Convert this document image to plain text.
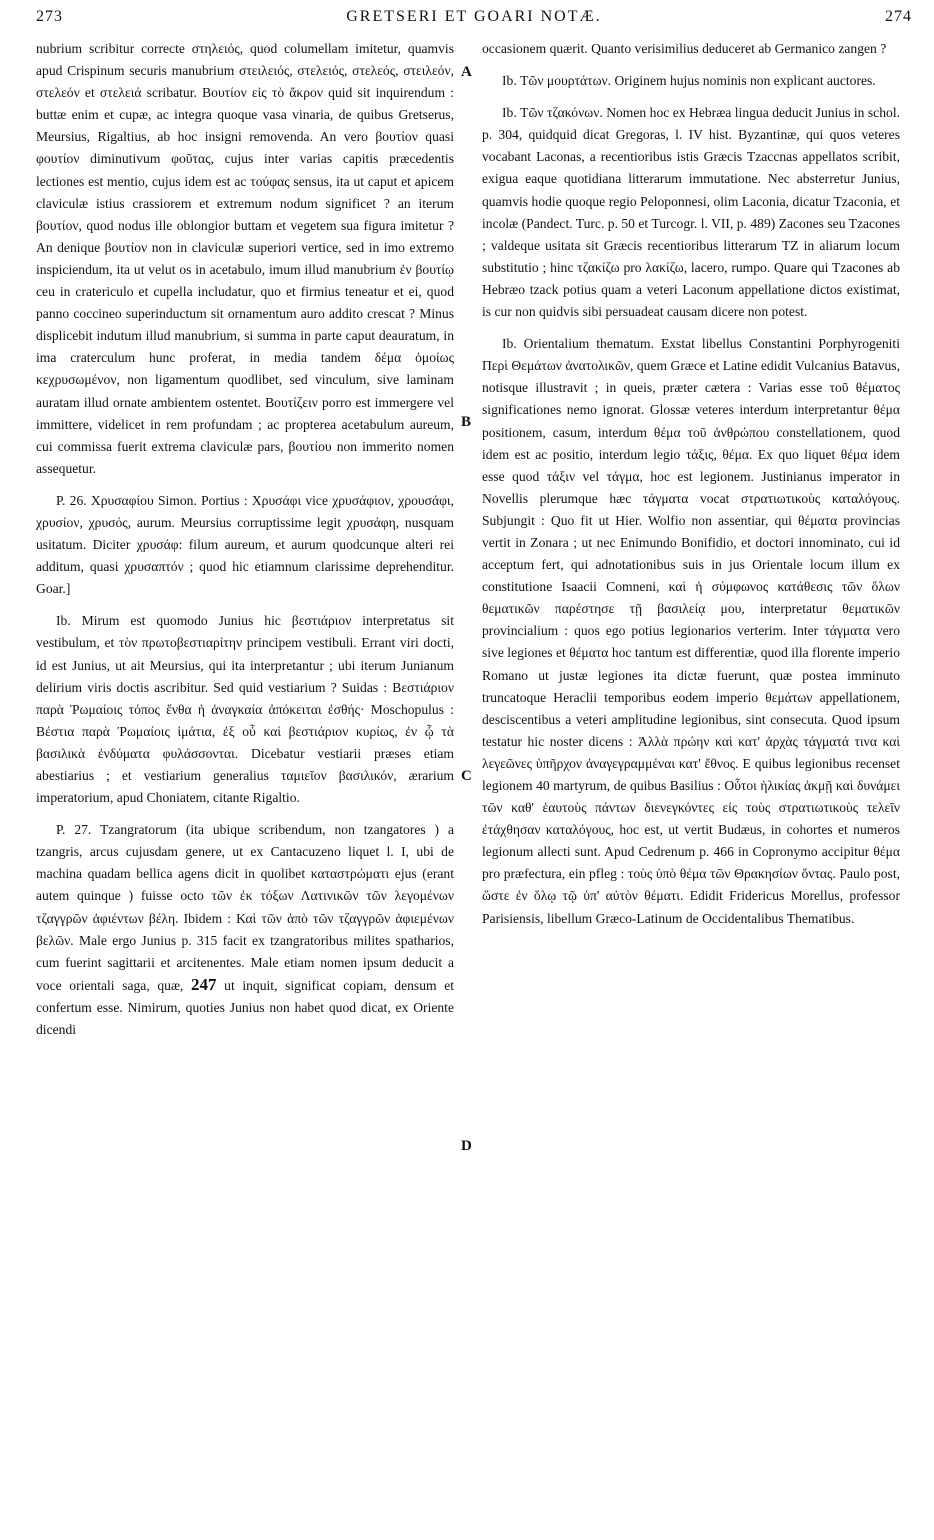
273	GRETSERI ET GOARI NOTÆ.	274
A
B
C
D

nubrium scribitur correcte στηλειός, quod columellam imitetur, quamvis apud Crispinum securis manubrium στειλειός, στελειός, στελεός, στειλεόν, στελεόν et στελειά scribatur. Βουτίον εἰς τὸ ἄκρον quid sit inquirendum : buttæ enim et cupæ, ac integra quoque vasa vinaria, de quibus Gretserus, Meursius, Rigaltius, ab hoc insigni removenda. An vero βουτίον quasi φουτίον diminutivum φοῦτας, cujus inter varias capitis præcedentis lectiones est mentio, cujus idem est ac τούφας sensus, ita ut caput et apicem claviculæ istius crassiorem et extremum nodum significet ? an iterum βουτίον, quod nodus ille oblongior buttam et vegetem sua figura imitetur ? An denique βουτίον non in claviculæ superiori vertice, sed in imo extremo inspiciendum, ita ut velut os in acetabulo, imum illud manubrium ἐν βουτίῳ ceu in cratericulo et cupella includatur, quo et firmius teneatur et ei, quod panno coccineo superinductum sit ornamentum auro addito crescat ? Minus displicebit indutum illud manubrium, si summa in parte caput deauratum, in ima craterculum hunc proferat, in media tandem δέμα ὁμοίως κεχρυσωμένον, non ligamentum quodlibet, sed vinculum, sive laminam auratam illud ornate ambientem ostentet. Βουτίζειν porro est immergere vel immittere, videlicet in rem profundam ; ac propterea acetabulum aureum, cui commissa fuerit extrema claviculæ pars, βουτίου non immerito nomen assequetur.

P. 26. Χρυσαφίου Simon. Portius : Χρυσάφι vice χρυσάφιον, χρουσάφι, χρυσίον, χρυσός, aurum. Meursius corruptissime legit χρυσάφη, nusquam usitatum. Diciter χρυσάφ: filum aureum, et aurum quodcunque alteri rei additum, quasi χρυσαπτόν ; quod hic etiamnum clarissime deprehenditur. Goar.]

Ib. Mirum est quomodo Junius hic βεστιάριον interpretatus sit vestibulum, et τὸν πρωτοβεστιαρίτην principem vestibuli. Errant viri docti, id est Junius, ut ait Meursius, qui ita interpretantur ; ubi iterum Junianum delirium viris doctis ascribitur. Sed quid vestiarium ? Suidas : Βεστιάριον παρὰ Ῥωμαίοις τόπος ἔνθα ἡ ἀναγκαία ἀπόκειται ἐσθής· Moschopulus : Βέστια παρὰ Ῥωμαίοις ἱμάτια, ἐξ οὗ καὶ βεστιάριον κυρίως, ἐν ᾧ τὰ βασιλικὰ ἐνδύματα φυλάσσονται. Dicebatur vestiarii præses etiam abestiarius ; et vestiarium generalius ταμιεῖον βασιλικόν, ærarium imperatorium, apud Choniatem, citante Rigaltio.

P. 27. Tzangratorum (ita ubique scribendum, non tzangatores ) a tzangris, arcus cujusdam genere, ut ex Cantacuzeno liquet l. I, ubi de machina quadam bellica agens dicit in quolibet καταστρώματι ejus (erant autem quinque ) fuisse octo τῶν ἐκ τόξων Λατινικῶν τῶν λεγομένων τζαγγρῶν ἀφιέντων βέλη. Ibidem : Καὶ τῶν ἀπὸ τῶν τζαγγρῶν ἀφιεμένων βελῶν. Male ergo Junius p. 315 facit ex tzangratoribus milites spatharios, cum fuerint sagittarii et arcitenentes. Male etiam nomen ipsum deducit a voce orientali saga, quæ, 247 ut inquit, significat copiam, densum et confertum esse. Nimirum, quoties Junius non habet quod dicat, ex Oriente dicendi

occasionem quærit. Quanto verisimilius deduceret ab Germanico zangen ?

Ib. Τῶν μουρτάτων. Originem hujus nominis non explicant auctores.

Ib. Τῶν τζακόνων. Nomen hoc ex Hebræa lingua deducit Junius in schol. p. 304, quidquid dicat Gregoras, l. IV hist. Byzantinæ, qui quos veteres vocabant Laconas, a recentioribus istis Græcis Tzaccnas appellatos scribit, exigua eaque quotidiana litterarum immutatione. Nec absterretur Junius, quamvis hodie quoque regio Peloponnesi, olim Laconia, dicatur Tzaconia, et incolæ (Pandect. Turc. p. 50 et Turcogr. l. VII, p. 489) Zacones seu Tzacones ; valdeque usitata sit Græcis recentioribus litterarum TZ in aliarum locum substitutio ; hinc τζακίζω pro λακίζω, lacero, rumpo. Quare qui Tzacones ab Hebræo tzack potius quam a veteri Laconum appellatione dictos existimat, is cur non quidvis sibi persuadeat causam dicere non potest.

Ib. Orientalium thematum. Exstat libellus Constantini Porphyrogeniti Περὶ Θεμάτων ἀνατολικῶν, quem Græce et Latine edidit Vulcanius Batavus, notisque illustravit ; in queis, præter cætera : Varias esse τοῦ θέματος significationes nemo ignorat. Glossæ veteres interdum interpretantur θέμα positionem, casum, interdum θέμα τοῦ ἀνθρώπου constellationem, quod idem est ac positio, interdum legio τάξις, θέμα. Ex quo liquet θέμα idem esse quod τάξιν vel τάγμα, hoc est legionem. Justinianus imperator in Novellis plerumque hæc τάγματα vocat στρατιωτικοὺς καταλόγους. Subjungit : Quo fit ut Hier. Wolfio non assentiar, qui θέματα provincias vertit in Zonara ; ut nec Enimundo Bonifidio, et doctori innominato, cui id acceptum fert, qui adnotationibus suis in jus Orientale locum illum ex constitutione Isaacii Comneni, καὶ ἡ σύμφωνος κατάθεσις τῶν ὅλων θεματικῶν παρέστησε τῇ βασιλείᾳ μου, interpretatur θεματικῶν provincialium : quos ego potius legionarios verterim. Inter τάγματα vero sive legiones et θέματα hoc tantum est differentiæ, quod illa florente imperio Romano ut justæ legiones ita dictæ fuerunt, quæ postea imminuto truncatoque Heraclii temporibus eodem imperio θεμάτων appellationem, desciscentibus a veteri amplitudine legionibus, sint consecuta. Quod ipsum testatur hic noster dicens : Ἀλλὰ πρώην καὶ κατ' ἀρχὰς τάγματά τινα καὶ λεγεῶνες ὑπῆρχον ἀναγεγραμμέναι κατ' ἔθνος. E quibus legionibus recenset legionem 40 martyrum, de quibus Basilius : Οὗτοι ἡλικίας ἀκμῇ καὶ δυνάμει τῶν καθ' ἑαυτοὺς πάντων διενεγκόντες εἰς τοὺς στρατιωτικοὺς τελεῖν ἐτάχθησαν καταλόγους, hoc est, ut vertit Budæus, in cohortes et numeros legionum allecti sunt. Apud Cedrenum p. 466 in Copronymo accipitur θέμα pro præfectura, ein pfleg : τοὺς ὑπὸ θέμα τῶν Θρακησίων ὄντας. Paulo post, ὥστε ἐν ὅλῳ τῷ ὑπ' αὐτὸν θέματι. Edidit Fridericus Morellus, professor Parisiensis, libellum Græco-Latinum de Occidentalibus Thematibus.
